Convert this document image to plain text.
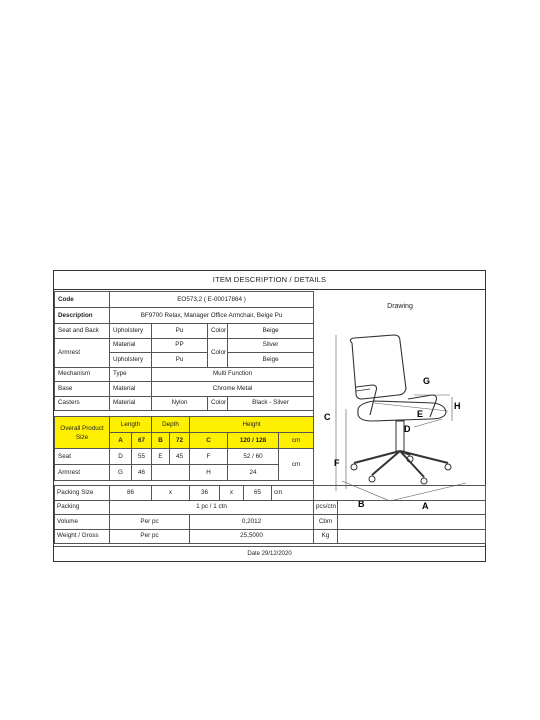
ITEM DESCRIPTION / DETAILS
Code	EO573,2 ( E-00017864 )							
Description	BF9700 Relax, Manager Office Armchair, Beige Pu							
Seat and Back	Upholstery		Pu			Color	Beige	
Armrest	Material		PP			Color	Silver	
	Upholstery		Pu				Beige	
Mechanism	Type		Multi Function					
Base	Material		Chrome Metal					
Casters	Material		Nylon			Color	Black - Silver	

Overall Product Size	Length		Depth		Height			
	A	67	B	72	C		120 / 128	cm
Seat	D	55	E	45	F		52 / 60	cm
Armrest	G	46			H		24	
Drawing
C
F
G
H
E
D
B	A
Packing Size	86	x	36	x	65	cm		
Packing	1 pc / 1 ctn						pcs/ctn	
Volume	Per pc		0,2012				Cbm	
Weight / Gross	Per pc		25,5000				Kg	
Date 29/12/2020
